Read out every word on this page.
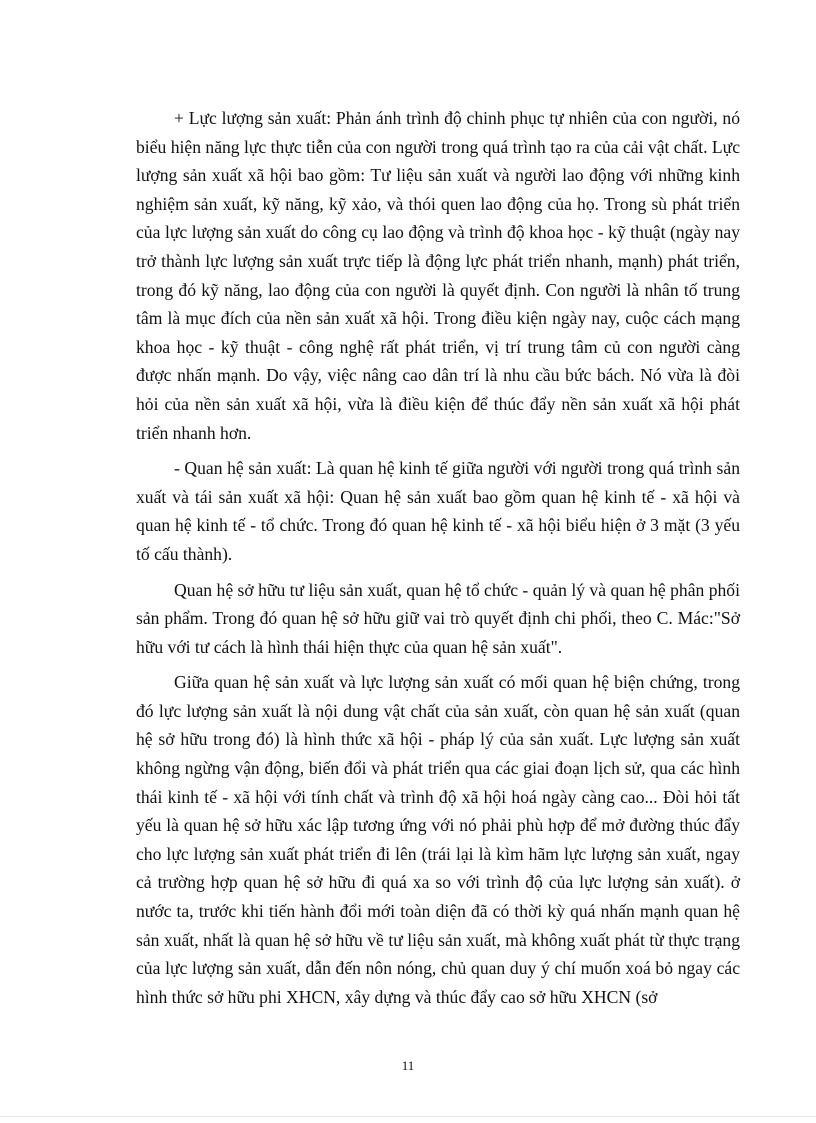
+ Lực lượng sản xuất: Phản ánh trình độ chinh phục tự nhiên của con người, nó biểu hiện năng lực thực tiễn của con người trong quá trình tạo ra của cải vật chất. Lực lượng sản xuất xã hội bao gồm: Tư liệu sản xuất và người lao động với những kinh nghiệm sản xuất, kỹ năng, kỹ xảo, và thói quen lao động của họ. Trong sù phát triển của lực lượng sản xuất do công cụ lao động và trình độ khoa học - kỹ thuật (ngày nay trở thành lực lượng sản xuất trực tiếp là động lực phát triển nhanh, mạnh) phát triển, trong đó kỹ năng, lao động của con người là quyết định. Con người là nhân tố trung tâm là mục đích của nền sản xuất xã hội. Trong điều kiện ngày nay, cuộc cách mạng khoa học - kỹ thuật - công nghệ rất phát triển, vị trí trung tâm củ con người càng được nhấn mạnh. Do vậy, việc nâng cao dân trí là nhu cầu bức bách. Nó vừa là đòi hỏi của nền sản xuất xã hội, vừa là điều kiện để thúc đẩy nền sản xuất xã hội phát triển nhanh hơn.

- Quan hệ sản xuất: Là quan hệ kinh tế giữa người với người trong quá trình sản xuất và tái sản xuất xã hội: Quan hệ sản xuất bao gồm quan hệ kinh tế - xã hội và quan hệ kinh tế - tổ chức. Trong đó quan hệ kinh tế - xã hội biểu hiện ở 3 mặt (3 yếu tố cấu thành).

Quan hệ sở hữu tư liệu sản xuất, quan hệ tổ chức - quản lý và quan hệ phân phối sản phẩm. Trong đó quan hệ sở hữu giữ vai trò quyết định chi phối, theo C. Mác:"Sở hữu với tư cách là hình thái hiện thực của quan hệ sản xuất".

Giữa quan hệ sản xuất và lực lượng sản xuất có mối quan hệ biện chứng, trong đó lực lượng sản xuất là nội dung vật chất của sản xuất, còn quan hệ sản xuất (quan hệ sở hữu trong đó) là hình thức xã hội - pháp lý của sản xuất. Lực lượng sản xuất không ngừng vận động, biến đổi và phát triển qua các giai đoạn lịch sử, qua các hình thái kinh tế - xã hội với tính chất và trình độ xã hội hoá ngày càng cao... Đòi hỏi tất yếu là quan hệ sở hữu xác lập tương ứng với nó phải phù hợp để mở đường thúc đẩy cho lực lượng sản xuất phát triển đi lên (trái lại là kìm hãm lực lượng sản xuất, ngay cả trường hợp quan hệ sở hữu đi quá xa so với trình độ của lực lượng sản xuất). ở nước ta, trước khi tiến hành đổi mới toàn diện đã có thời kỳ quá nhấn mạnh quan hệ sản xuất, nhất là quan hệ sở hữu về tư liệu sản xuất, mà không xuất phát từ thực trạng của lực lượng sản xuất, dẫn đến nôn nóng, chủ quan duy ý chí muốn xoá bỏ ngay các hình thức sở hữu phi XHCN, xây dựng và thúc đẩy cao sở hữu XHCN (sở

11
